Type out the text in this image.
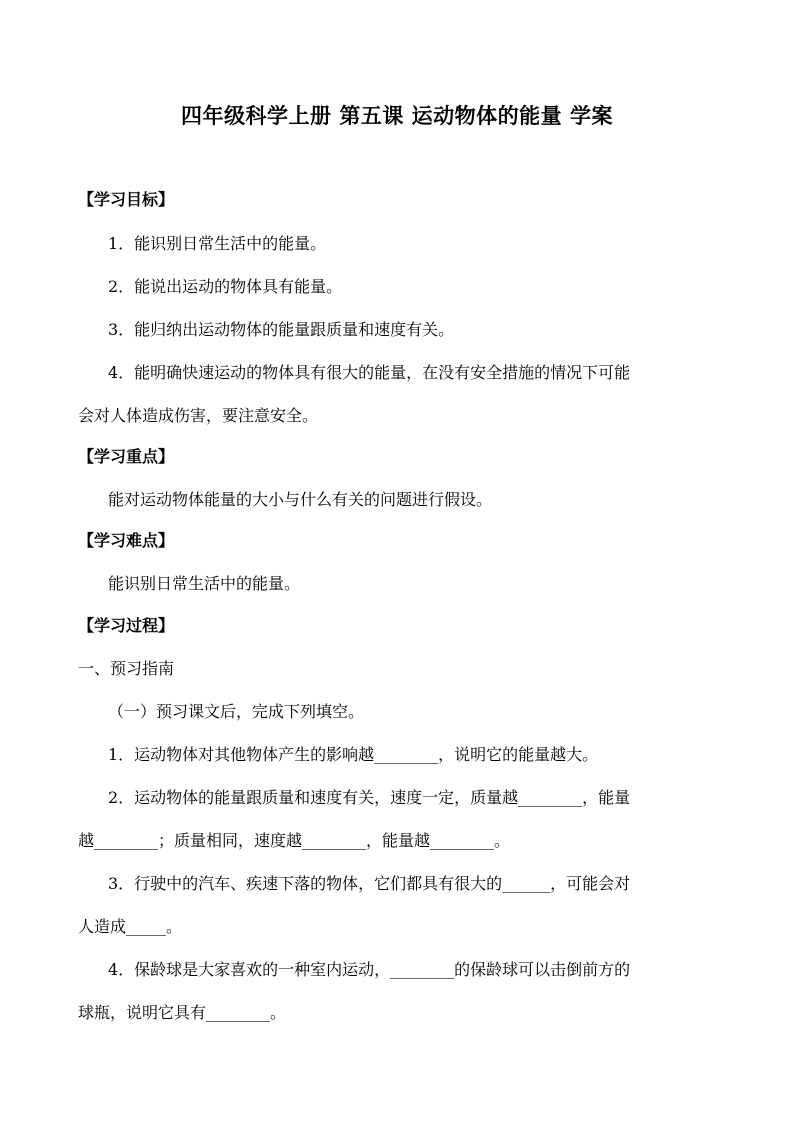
四年级科学上册 第五课 运动物体的能量 学案
【学习目标】
1．能识别日常生活中的能量。
2．能说出运动的物体具有能量。
3．能归纳出运动物体的能量跟质量和速度有关。
4．能明确快速运动的物体具有很大的能量，在没有安全措施的情况下可能
会对人体造成伤害，要注意安全。
【学习重点】
能对运动物体能量的大小与什么有关的问题进行假设。
【学习难点】
能识别日常生活中的能量。
【学习过程】
一、预习指南
（一）预习课文后，完成下列填空。
1．运动物体对其他物体产生的影响越________，说明它的能量越大。
2．运动物体的能量跟质量和速度有关，速度一定，质量越________，能量
越________；质量相同，速度越________，能量越________。
3．行驶中的汽车、疾速下落的物体，它们都具有很大的______，可能会对
人造成_____。
4．保龄球是大家喜欢的一种室内运动，________的保龄球可以击倒前方的
球瓶，说明它具有________。
